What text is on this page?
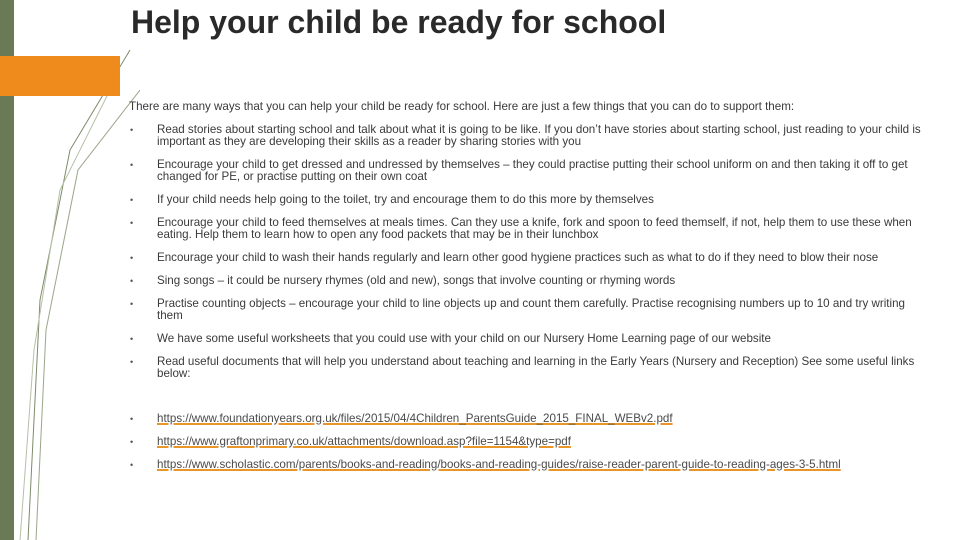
Help your child be ready for school

There are many ways that you can help your child be ready for school. Here are just a few things that you can do to support them:

• Read stories about starting school and talk about what it is going to be like. If you don’t have stories about starting school, just reading to your child is important as they are developing their skills as a reader by sharing stories with you
• Encourage your child to get dressed and undressed by themselves – they could practise putting their school uniform on and then taking it off to get changed for PE, or practise putting on their own coat
• If your child needs help going to the toilet, try and encourage them to do this more by themselves
• Encourage your child to feed themselves at meals times. Can they use a knife, fork and spoon to feed themself, if not, help them to use these when eating. Help them to learn how to open any food packets that may be in their lunchbox
• Encourage your child to wash their hands regularly and learn other good hygiene practices such as what to do if they need to blow their nose
• Sing songs – it could be nursery rhymes (old and new), songs that involve counting or rhyming words
• Practise counting objects – encourage your child to line objects up and count them carefully. Practise recognising numbers up to 10 and try writing them
• We have some useful worksheets that you could use with your child on our Nursery Home Learning page of our website
• Read useful documents that will help you understand about teaching and learning in the Early Years (Nursery and Reception) See some useful links below:
• https://www.foundationyears.org.uk/files/2015/04/4Children_ParentsGuide_2015_FINAL_WEBv2.pdf
• https://www.graftonprimary.co.uk/attachments/download.asp?file=1154&type=pdf
• https://www.scholastic.com/parents/books-and-reading/books-and-reading-guides/raise-reader-parent-guide-to-reading-ages-3-5.html
